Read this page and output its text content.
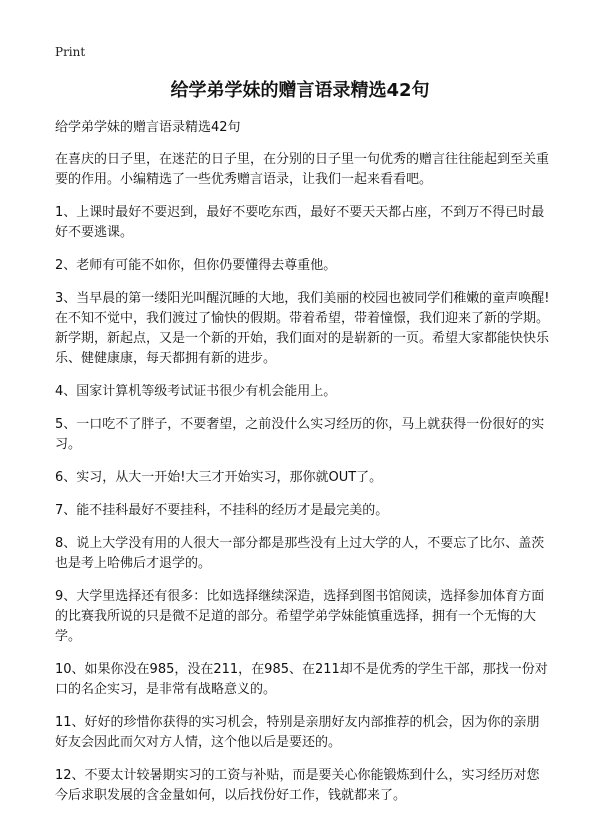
Print
给学弟学妹的赠言语录精选42句

给学弟学妹的赠言语录精选42句

在喜庆的日子里，在迷茫的日子里，在分别的日子里一句优秀的赠言往往能起到至关重要的作用。小编精选了一些优秀赠言语录，让我们一起来看看吧。

1、上课时最好不要迟到，最好不要吃东西，最好不要天天都占座，不到万不得已时最好不要逃课。

2、老师有可能不如你，但你仍要懂得去尊重他。

3、当早晨的第一缕阳光叫醒沉睡的大地，我们美丽的校园也被同学们稚嫩的童声唤醒!在不知不觉中，我们渡过了愉快的假期。带着希望，带着憧憬，我们迎来了新的学期。新学期，新起点，又是一个新的开始，我们面对的是崭新的一页。希望大家都能快快乐乐、健健康康，每天都拥有新的进步。

4、国家计算机等级考试证书很少有机会能用上。

5、一口吃不了胖子，不要奢望，之前没什么实习经历的你，马上就获得一份很好的实习。

6、实习，从大一开始!大三才开始实习，那你就OUT了。

7、能不挂科最好不要挂科，不挂科的经历才是最完美的。

8、说上大学没有用的人很大一部分都是那些没有上过大学的人，不要忘了比尔、盖茨也是考上哈佛后才退学的。

9、大学里选择还有很多：比如选择继续深造，选择到图书馆阅读，选择参加体育方面的比赛我所说的只是微不足道的部分。希望学弟学妹能慎重选择，拥有一个无悔的大学。

10、如果你没在985，没在211，在985、在211却不是优秀的学生干部，那找一份对口的名企实习，是非常有战略意义的。

11、好好的珍惜你获得的实习机会，特别是亲朋好友内部推荐的机会，因为你的亲朋好友会因此而欠对方人情，这个他以后是要还的。

12、不要太计较暑期实习的工资与补贴，而是要关心你能锻炼到什么，实习经历对您今后求职发展的含金量如何，以后找份好工作，钱就都来了。
